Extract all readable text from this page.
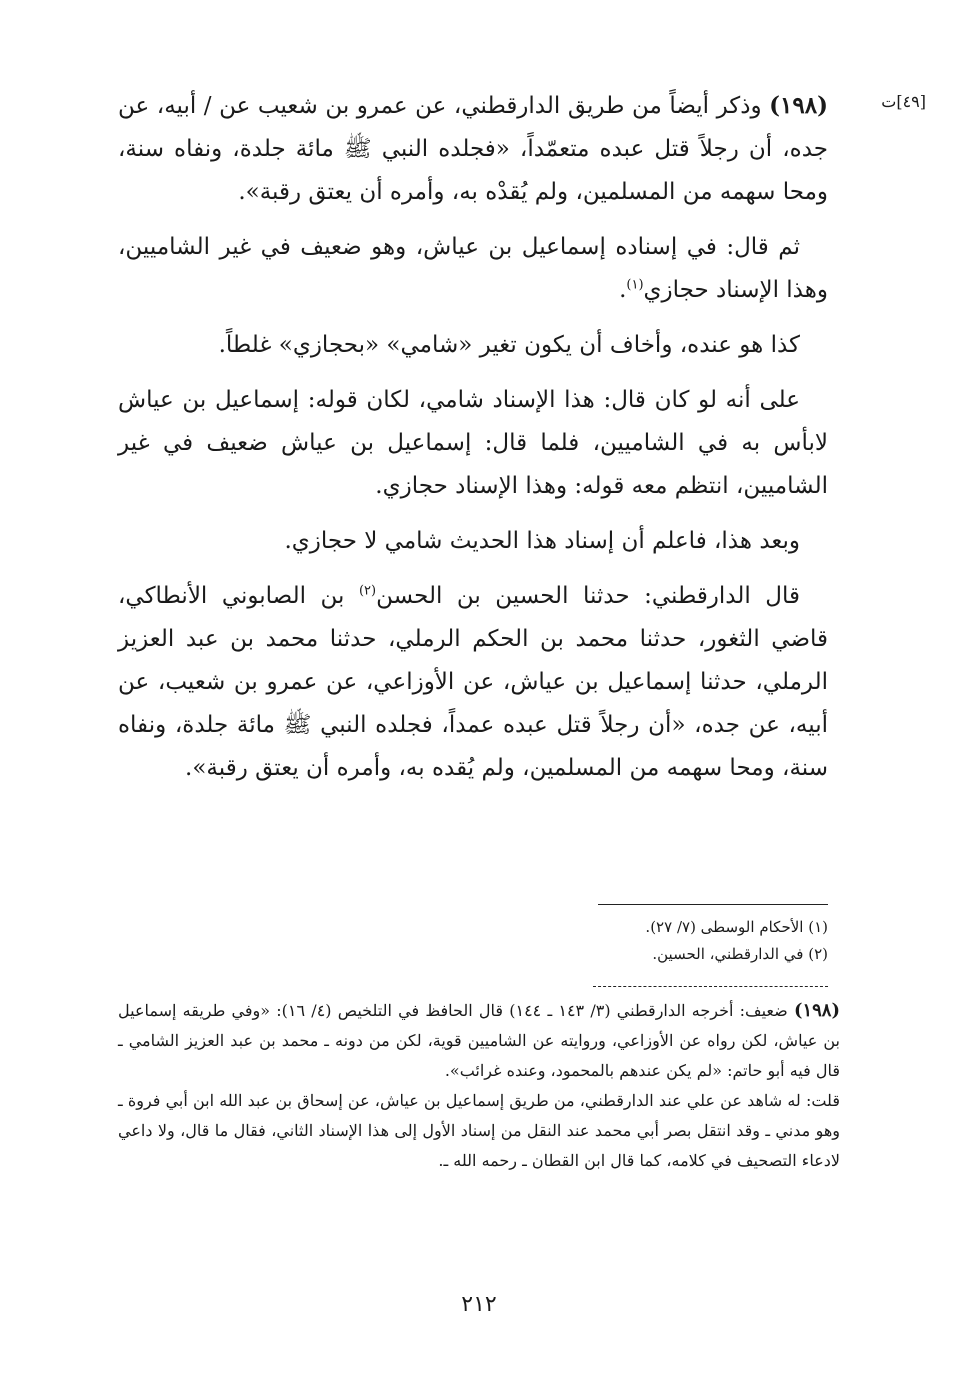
[٤٩]ت

(١٩٨) وذكر أيضاً من طريق الدارقطني، عن عمرو بن شعيب عن / أبيه، عن جده، أن رجلاً قتل عبده متعمّداً، «فجلده النبي ﷺ مائة جلدة، ونفاه سنة، ومحا سهمه من المسلمين، ولم يُقدْه به، وأمره أن يعتق رقبة».

ثم قال: في إسناده إسماعيل بن عياش، وهو ضعيف في غير الشاميين، وهذا الإسناد حجازي$^{(١)}$.

كذا هو عنده، وأخاف أن يكون تغير «شامي» «بحجازي» غلطاً.

على أنه لو كان قال: هذا الإسناد شامي، لكان قوله: إسماعيل بن عياش لابأس به في الشاميين، فلما قال: إسماعيل بن عياش ضعيف في غير الشاميين، انتظم معه قوله: وهذا الإسناد حجازي.

وبعد هذا، فاعلم أن إسناد هذا الحديث شامي لا حجازي.

قال الدارقطني: حدثنا الحسين بن الحسن$^{(٢)}$ بن الصابوني الأنطاكي، قاضي الثغور، حدثنا محمد بن الحكم الرملي، حدثنا محمد بن عبد العزيز الرملي، حدثنا إسماعيل بن عياش، عن الأوزاعي، عن عمرو بن شعيب، عن أبيه، عن جده، «أن رجلاً قتل عبده عمداً، فجلده النبي ﷺ مائة جلدة، ونفاه سنة، ومحا سهمه من المسلمين، ولم يُقده به، وأمره أن يعتق رقبة».

(١) الأحكام الوسطى (٧/ ٢٧).
(٢) في الدارقطني، الحسين.

(١٩٨) ضعيف: أخرجه الدارقطني (٣/ ١٤٣ ـ ١٤٤) قال الحافظ في التلخيص (٤/ ١٦): «وفي طريقه إسماعيل بن عياش، لكن رواه عن الأوزاعي، وروايته عن الشاميين قوية، لكن من دونه ـ محمد بن عبد العزيز الشامي ـ قال فيه أبو حاتم: «لم يكن عندهم بالمحمود، وعنده غرائب».

قلت: له شاهد عن علي عند الدارقطني، من طريق إسماعيل بن عياش، عن إسحاق بن عبد الله ابن أبي فروة ـ وهو مدني ـ وقد انتقل بصر أبي محمد عند النقل من إسناد الأول إلى هذا الإسناد الثاني، فقال ما قال، ولا داعي لادعاء التصحيف في كلامه، كما قال ابن القطان ـ رحمه الله ـ.

٢١٢
